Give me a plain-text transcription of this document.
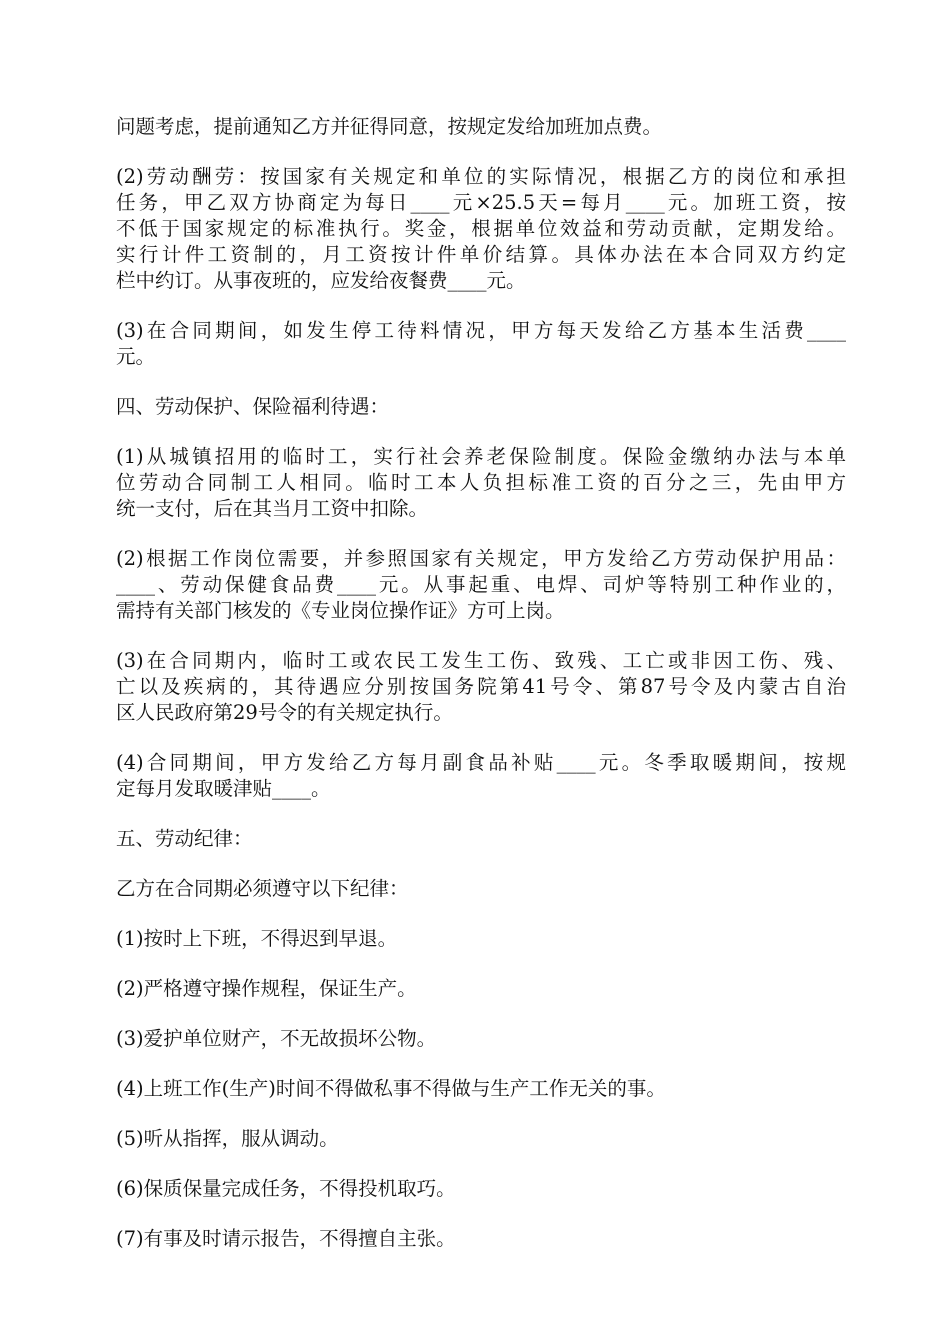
问题考虑，提前通知乙方并征得同意，按规定发给加班加点费。

(2)劳动酬劳：按国家有关规定和单位的实际情况，根据乙方的岗位和承担
任务，甲乙双方协商定为每日____元×25.5天=每月____元。加班工资，按
不低于国家规定的标准执行。奖金，根据单位效益和劳动贡献，定期发给。
实行计件工资制的，月工资按计件单价结算。具体办法在本合同双方约定
栏中约订。从事夜班的，应发给夜餐费____元。

(3)在合同期间，如发生停工待料情况，甲方每天发给乙方基本生活费____
元。

四、劳动保护、保险福利待遇：

(1)从城镇招用的临时工，实行社会养老保险制度。保险金缴纳办法与本单
位劳动合同制工人相同。临时工本人负担标准工资的百分之三，先由甲方
统一支付，后在其当月工资中扣除。

(2)根据工作岗位需要，并参照国家有关规定，甲方发给乙方劳动保护用品：
____、劳动保健食品费____元。从事起重、电焊、司炉等特别工种作业的，
需持有关部门核发的《专业岗位操作证》方可上岗。

(3)在合同期内，临时工或农民工发生工伤、致残、工亡或非因工伤、残、
亡以及疾病的，其待遇应分别按国务院第41号令、第87号令及内蒙古自治
区人民政府第29号令的有关规定执行。

(4)合同期间，甲方发给乙方每月副食品补贴____元。冬季取暖期间，按规
定每月发取暖津贴____。

五、劳动纪律：

乙方在合同期必须遵守以下纪律：

(1)按时上下班，不得迟到早退。

(2)严格遵守操作规程，保证生产。

(3)爱护单位财产，不无故损坏公物。

(4)上班工作(生产)时间不得做私事不得做与生产工作无关的事。

(5)听从指挥，服从调动。

(6)保质保量完成任务，不得投机取巧。

(7)有事及时请示报告，不得擅自主张。
